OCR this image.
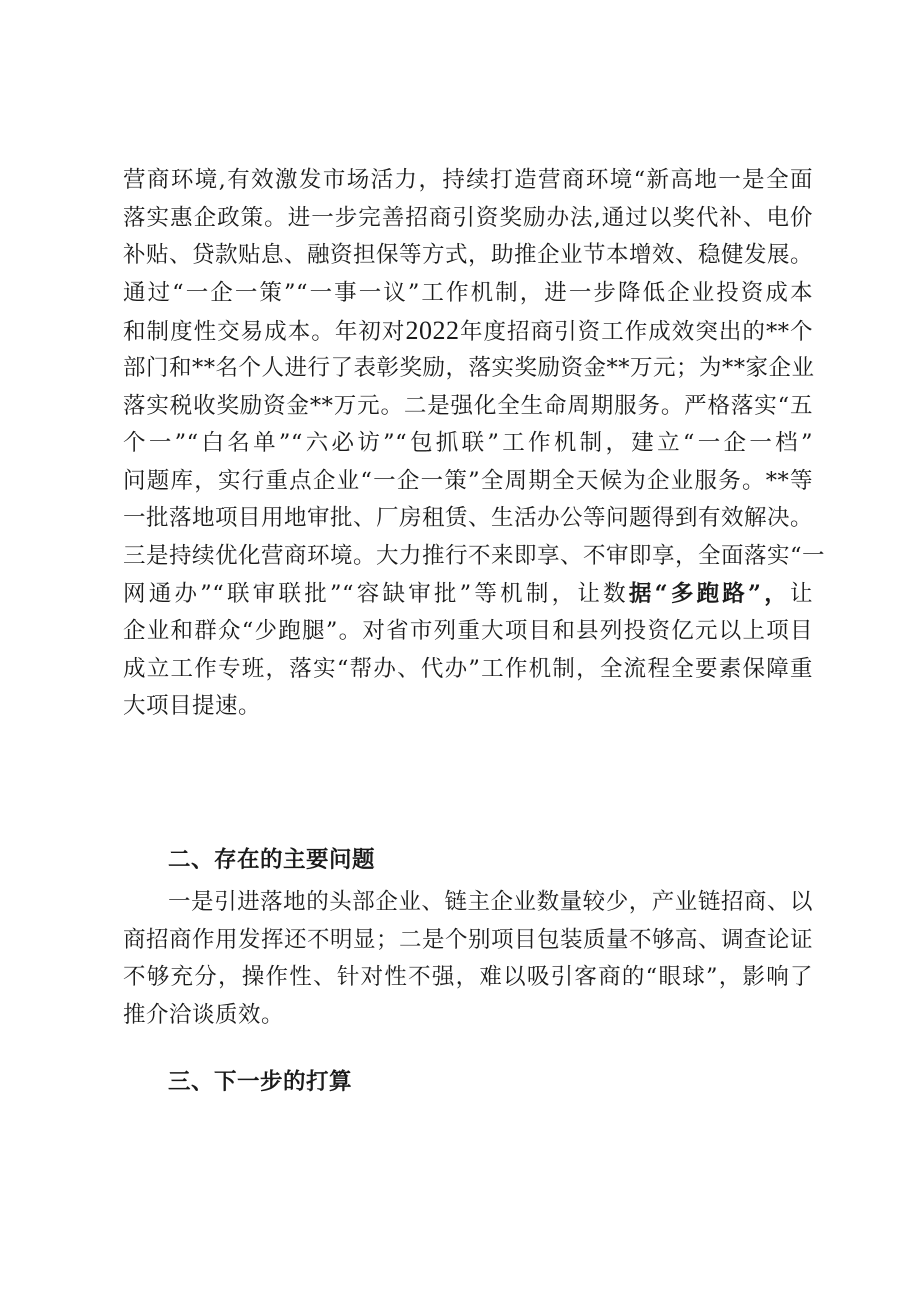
营商环境,有效激发市场活力，持续打造营商环境“新高地一是全面
落实惠企政策。进一步完善招商引资奖励办法,通过以奖代补、电价
补贴、贷款贴息、融资担保等方式，助推企业节本增效、稳健发展。
通过“一企一策”“一事一议”工作机制，进一步降低企业投资成本
和制度性交易成本。年初对2022年度招商引资工作成效突出的**个
部门和**名个人进行了表彰奖励，落实奖励资金**万元；为**家企业
落实税收奖励资金**万元。二是强化全生命周期服务。严格落实“五
个一”“白名单”“六必访”“包抓联”工作机制，建立“一企一档”
问题库，实行重点企业“一企一策”全周期全天候为企业服务。**等
一批落地项目用地审批、厂房租赁、生活办公等问题得到有效解决。
三是持续优化营商环境。大力推行不来即享、不审即享，全面落实“一
网通办”“联审联批”“容缺审批”等机制，让数据“多跑路”，让
企业和群众“少跑腿”。对省市列重大项目和县列投资亿元以上项目
成立工作专班，落实“帮办、代办”工作机制，全流程全要素保障重
大项目提速。
二、存在的主要问题
一是引进落地的头部企业、链主企业数量较少，产业链招商、以
商招商作用发挥还不明显；二是个别项目包装质量不够高、调查论证
不够充分，操作性、针对性不强，难以吸引客商的“眼球”，影响了
推介洽谈质效。
三、下一步的打算
